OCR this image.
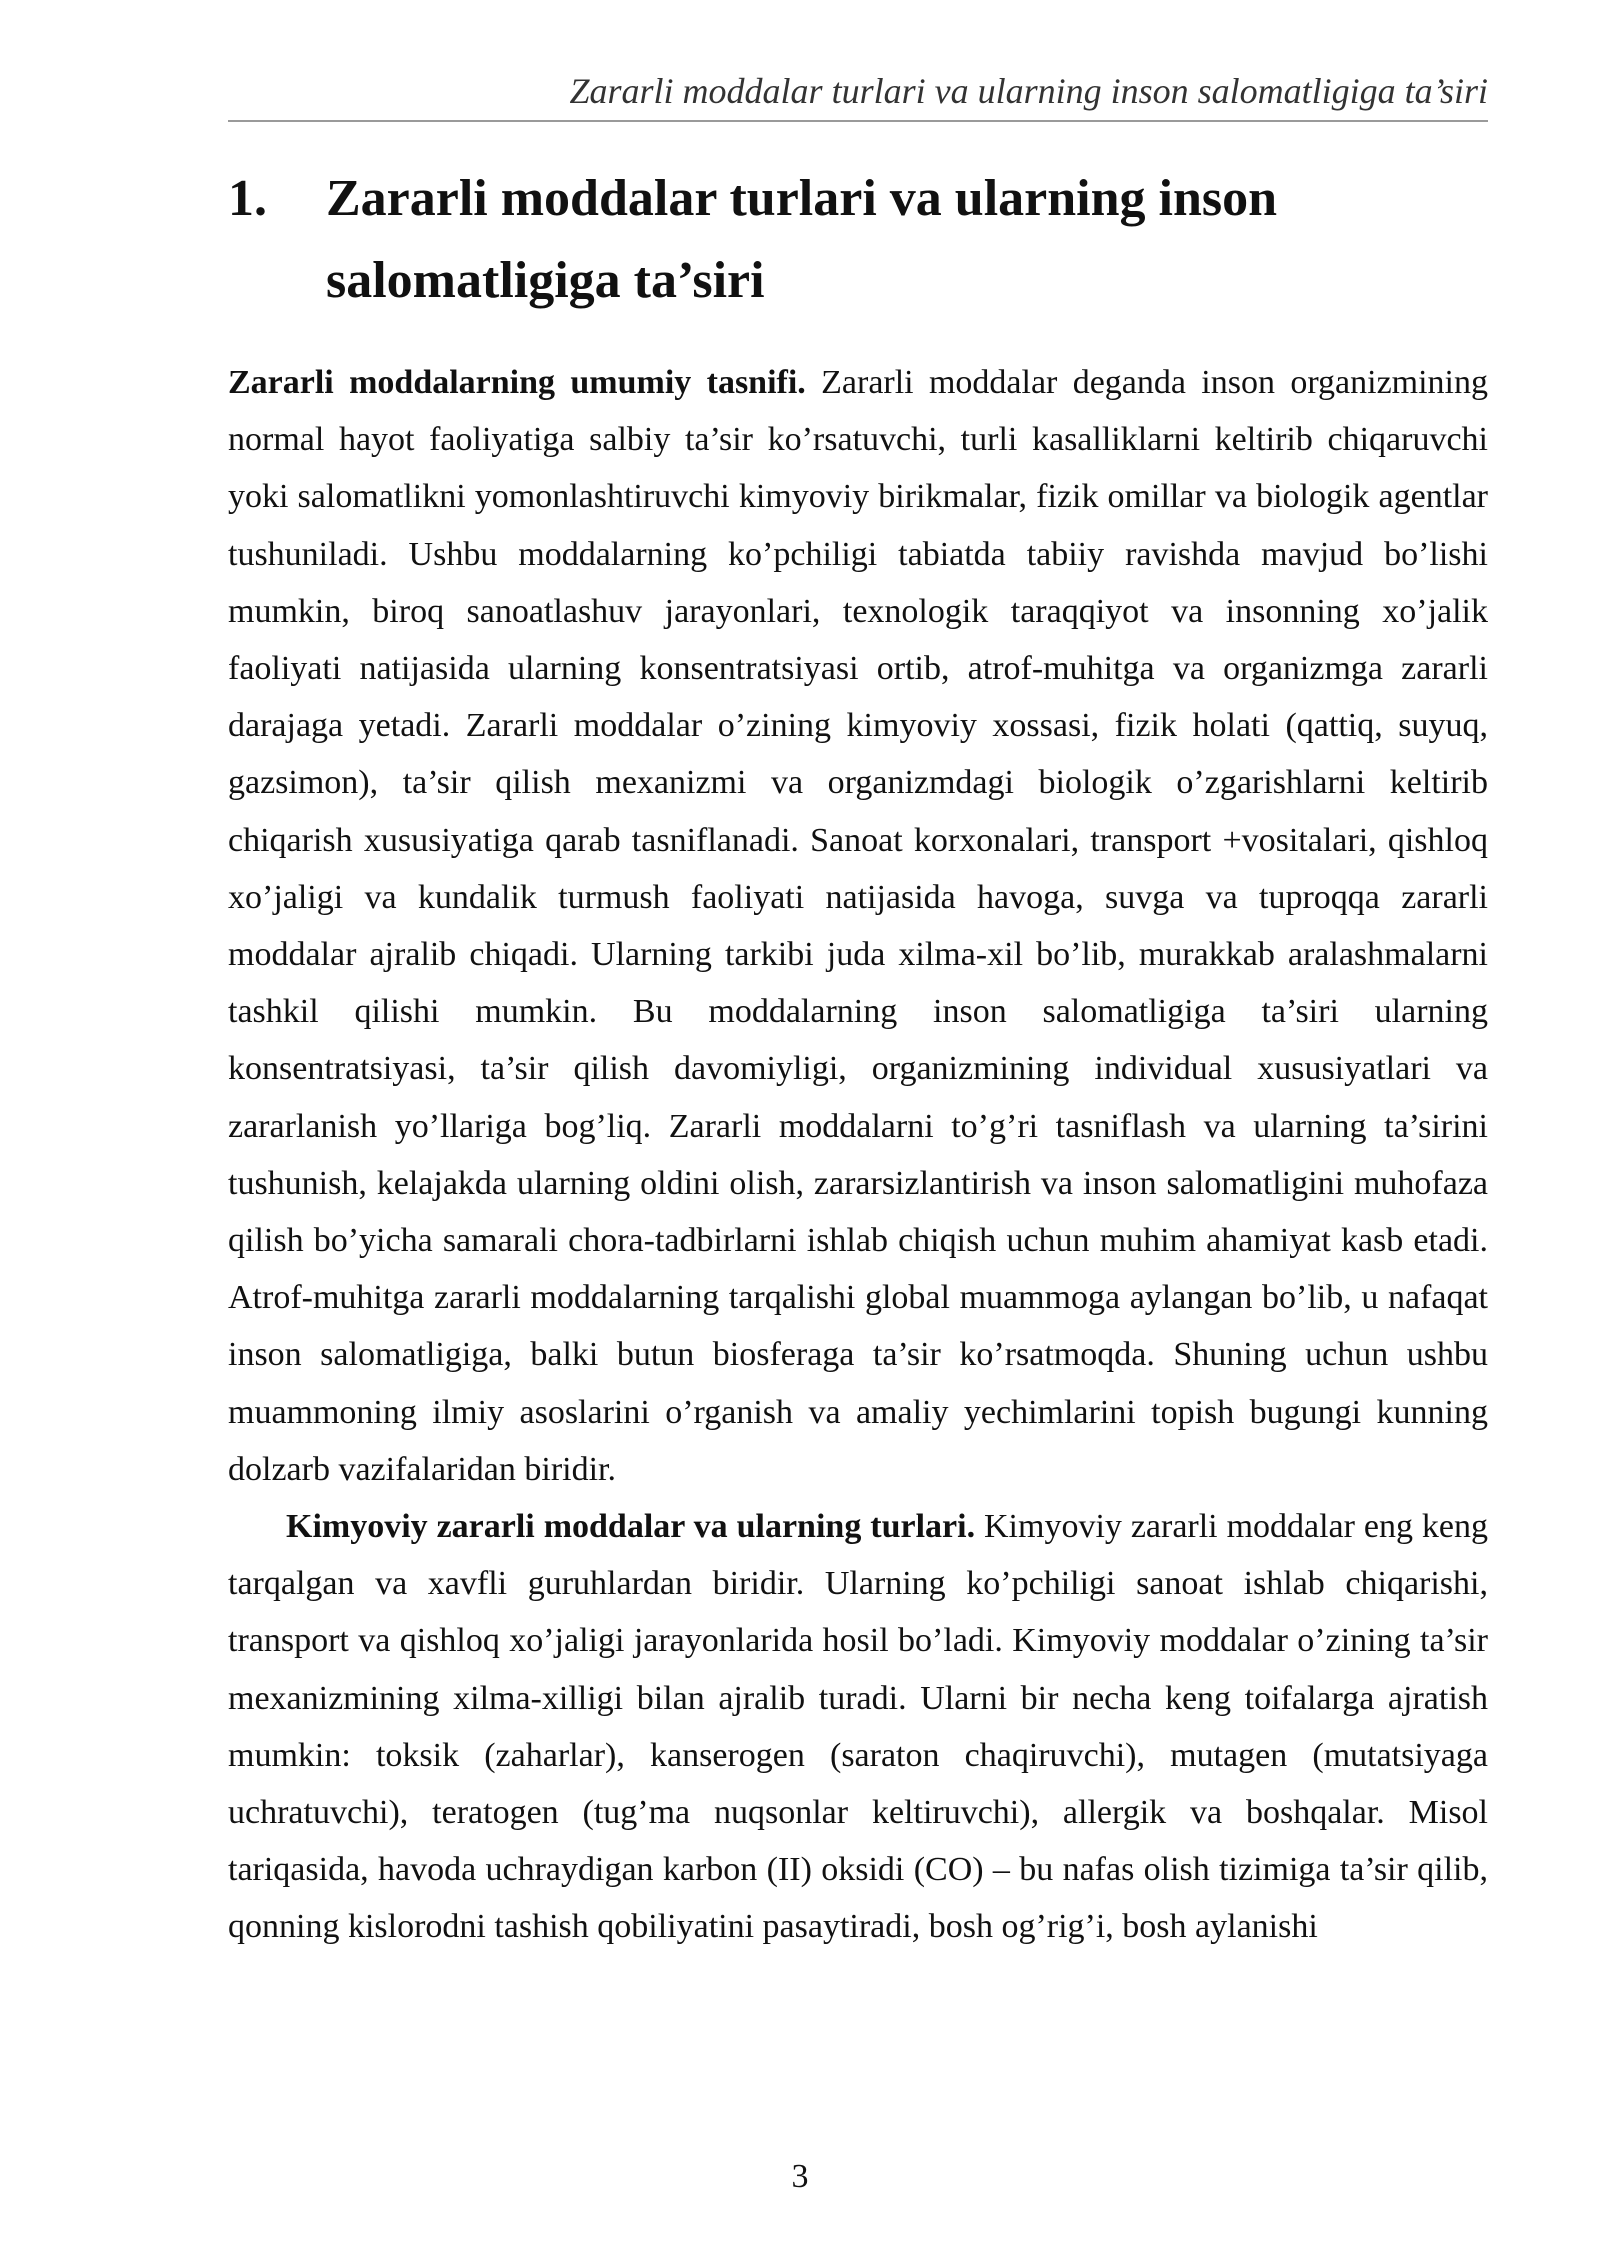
Zararli moddalar turlari va ularning inson salomatligiga ta’siri
1.	Zararli moddalar turlari va ularning inson salomatligiga ta’siri

Zararli moddalarning umumiy tasnifi. Zararli moddalar deganda inson organizmining normal hayot faoliyatiga salbiy ta’sir ko’rsatuvchi, turli kasalliklarni keltirib chiqaruvchi yoki salomatlikni yomonlashtiruvchi kimyoviy birikmalar, fizik omillar va biologik agentlar tushuniladi. Ushbu moddalarning ko’pchiligi tabiatda tabiiy ravishda mavjud bo’lishi mumkin, biroq sanoatlashuv jarayonlari, texnologik taraqqiyot va insonning xo’jalik faoliyati natijasida ularning konsentratsiyasi ortib, atrof-muhitga va organizmga zararli darajaga yetadi. Zararli moddalar o’zining kimyoviy xossasi, fizik holati (qattiq, suyuq, gazsimon), ta’sir qilish mexanizmi va organizmdagi biologik o’zgarishlarni keltirib chiqarish xususiyatiga qarab tasniflanadi. Sanoat korxonalari, transport +vositalari, qishloq xo’jaligi va kundalik turmush faoliyati natijasida havoga, suvga va tuproqqa zararli moddalar ajralib chiqadi. Ularning tarkibi juda xilma-xil bo’lib, murakkab aralashmalarni tashkil qilishi mumkin. Bu moddalarning inson salomatligiga ta’siri ularning konsentratsiyasi, ta’sir qilish davomiyligi, organizmining individual xususiyatlari va zararlanish yo’llariga bog’liq. Zararli moddalarni to’g’ri tasniflash va ularning ta’sirini tushunish, kelajakda ularning oldini olish, zararsizlantirish va inson salomatligini muhofaza qilish bo’yicha samarali chora-tadbirlarni ishlab chiqish uchun muhim ahamiyat kasb etadi. Atrof-muhitga zararli moddalarning tarqalishi global muammoga aylangan bo’lib, u nafaqat inson salomatligiga, balki butun biosferaga ta’sir ko’rsatmoqda. Shuning uchun ushbu muammoning ilmiy asoslarini o’rganish va amaliy yechimlarini topish bugungi kunning dolzarb vazifalaridan biridir.

Kimyoviy zararli moddalar va ularning turlari. Kimyoviy zararli moddalar eng keng tarqalgan va xavfli guruhlardan biridir. Ularning ko’pchiligi sanoat ishlab chiqarishi, transport va qishloq xo’jaligi jarayonlarida hosil bo’ladi. Kimyoviy moddalar o’zining ta’sir mexanizmining xilma-xilligi bilan ajralib turadi. Ularni bir necha keng toifalarga ajratish mumkin: toksik (zaharlar), kanserogen (saraton chaqiruvchi), mutagen (mutatsiyaga uchratuvchi), teratogen (tug’ma nuqsonlar keltiruvchi), allergik va boshqalar. Misol tariqasida, havoda uchraydigan karbon (II) oksidi (CO) – bu nafas olish tizimiga ta’sir qilib, qonning kislorodni tashish qobiliyatini pasaytiradi, bosh og’rig’i, bosh aylanishi

3
